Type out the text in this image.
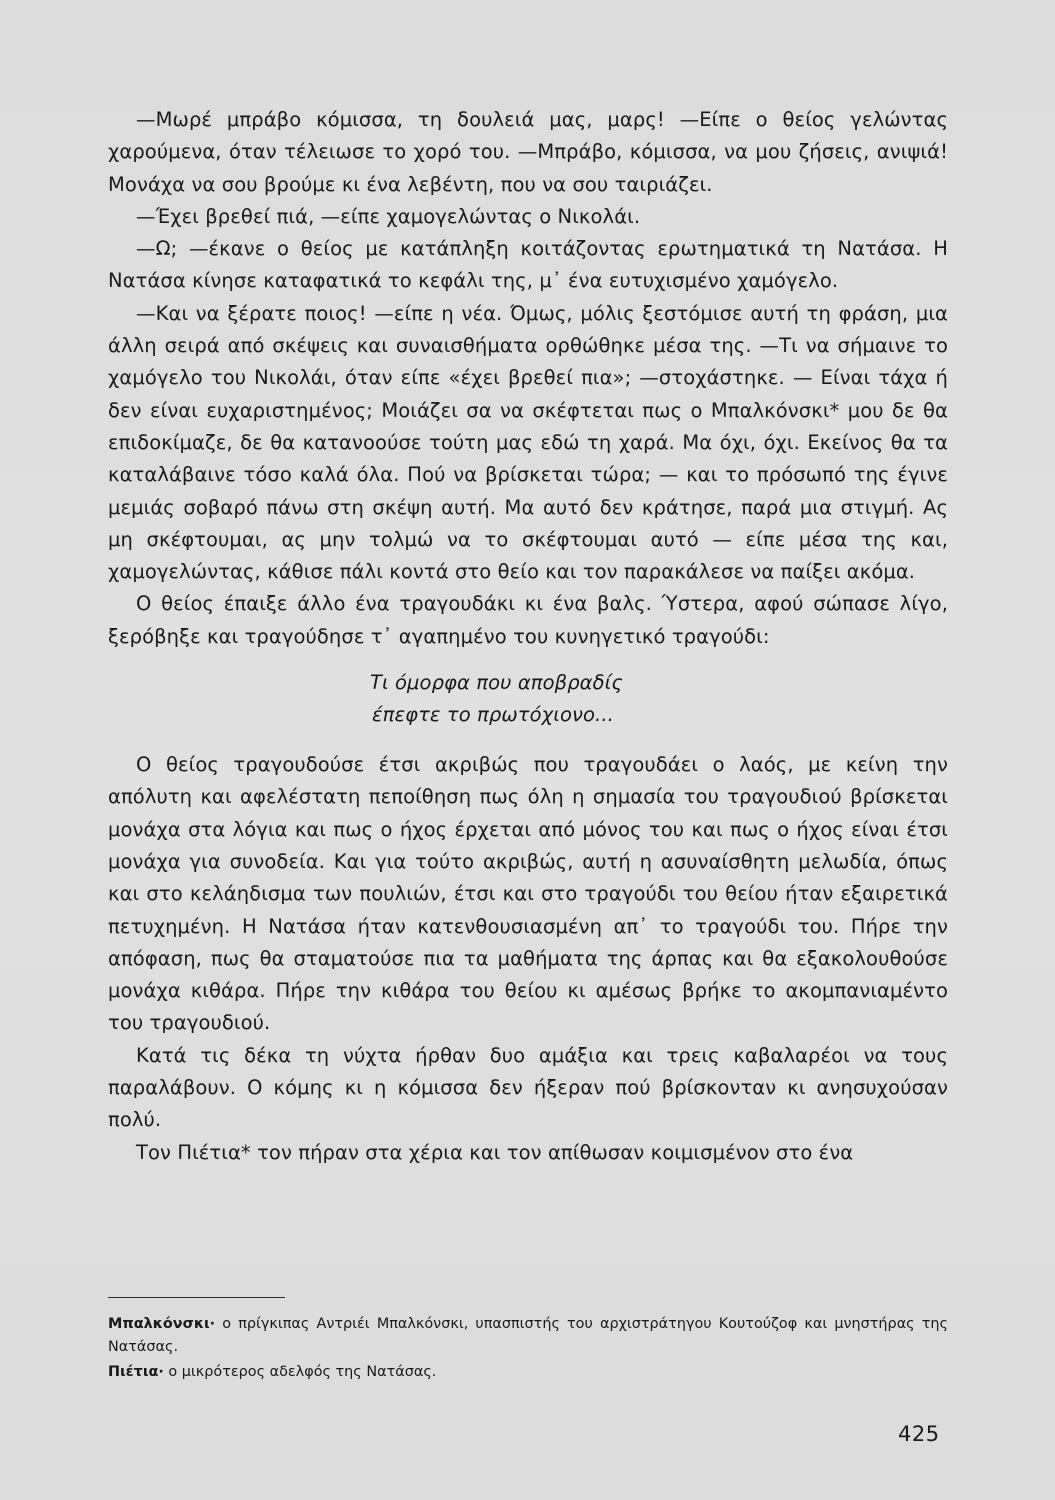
—Μωρέ μπράβο κόμισσα, τη δουλειά μας, μαρς! —Είπε ο θείος γελώντας χαρούμενα, όταν τέλειωσε το χορό του. —Μπράβο, κόμισσα, να μου ζήσεις, ανιψιά! Μονάχα να σου βρούμε κι ένα λεβέντη, που να σου ταιριάζει.

—Έχει βρεθεί πιά, —είπε χαμογελώντας ο Νικολάι.

—Ω; —έκανε ο θείος με κατάπληξη κοιτάζοντας ερωτηματικά τη Νατάσα. Η Νατάσα κίνησε καταφατικά το κεφάλι της, μ᾿ ένα ευτυχισμένο χαμόγελο.

—Και να ξέρατε ποιος! —είπε η νέα. Όμως, μόλις ξεστόμισε αυτή τη φράση, μια άλλη σειρά από σκέψεις και συναισθήματα ορθώθηκε μέσα της. —Τι να σήμαινε το χαμόγελο του Νικολάι, όταν είπε «έχει βρεθεί πια»; —στοχάστηκε. — Είναι τάχα ή δεν είναι ευχαριστημένος; Μοιάζει σα να σκέφτεται πως ο Μπαλκόνσκι* μου δε θα επιδοκίμαζε, δε θα κατανοούσε τούτη μας εδώ τη χαρά. Μα όχι, όχι. Εκείνος θα τα καταλάβαινε τόσο καλά όλα. Πού να βρίσκεται τώρα; — και το πρόσωπό της έγινε μεμιάς σοβαρό πάνω στη σκέψη αυτή. Μα αυτό δεν κράτησε, παρά μια στιγμή. Ας μη σκέφτουμαι, ας μην τολμώ να το σκέφτουμαι αυτό — είπε μέσα της και, χαμογελώντας, κάθισε πάλι κοντά στο θείο και τον παρακάλεσε να παίξει ακόμα.

Ο θείος έπαιξε άλλο ένα τραγουδάκι κι ένα βαλς. Ύστερα, αφού σώπασε λίγο, ξερόβηξε και τραγούδησε τ᾿ αγαπημένο του κυνηγετικό τραγούδι:

Τι όμορφα που αποβραδίς
έπεφτε το πρωτόχιονο...

Ο θείος τραγουδούσε έτσι ακριβώς που τραγουδάει ο λαός, με κείνη την απόλυτη και αφελέστατη πεποίθηση πως όλη η σημασία του τραγουδιού βρίσκεται μονάχα στα λόγια και πως ο ήχος έρχεται από μόνος του και πως ο ήχος είναι έτσι μονάχα για συνοδεία. Και για τούτο ακριβώς, αυτή η ασυναίσθητη μελωδία, όπως και στο κελάηδισμα των πουλιών, έτσι και στο τραγούδι του θείου ήταν εξαιρετικά πετυχημένη. Η Νατάσα ήταν κατενθουσιασμένη απ᾿ το τραγούδι του. Πήρε την απόφαση, πως θα σταματούσε πια τα μαθήματα της άρπας και θα εξακολουθούσε μονάχα κιθάρα. Πήρε την κιθάρα του θείου κι αμέσως βρήκε το ακομπανιαμέντο του τραγουδιού.

Κατά τις δέκα τη νύχτα ήρθαν δυο αμάξια και τρεις καβαλαρέοι να τους παραλάβουν. Ο κόμης κι η κόμισσα δεν ήξεραν πού βρίσκονταν κι ανησυχούσαν πολύ.

Τον Πιέτια* τον πήραν στα χέρια και τον απίθωσαν κοιμισμένον στο ένα

Μπαλκόνσκι· ο πρίγκιπας Αντριέι Μπαλκόνσκι, υπασπιστής του αρχιστράτηγου Κουτούζοφ και μνηστήρας της Νατάσας.

Πιέτια· ο μικρότερος αδελφός της Νατάσας.

425
